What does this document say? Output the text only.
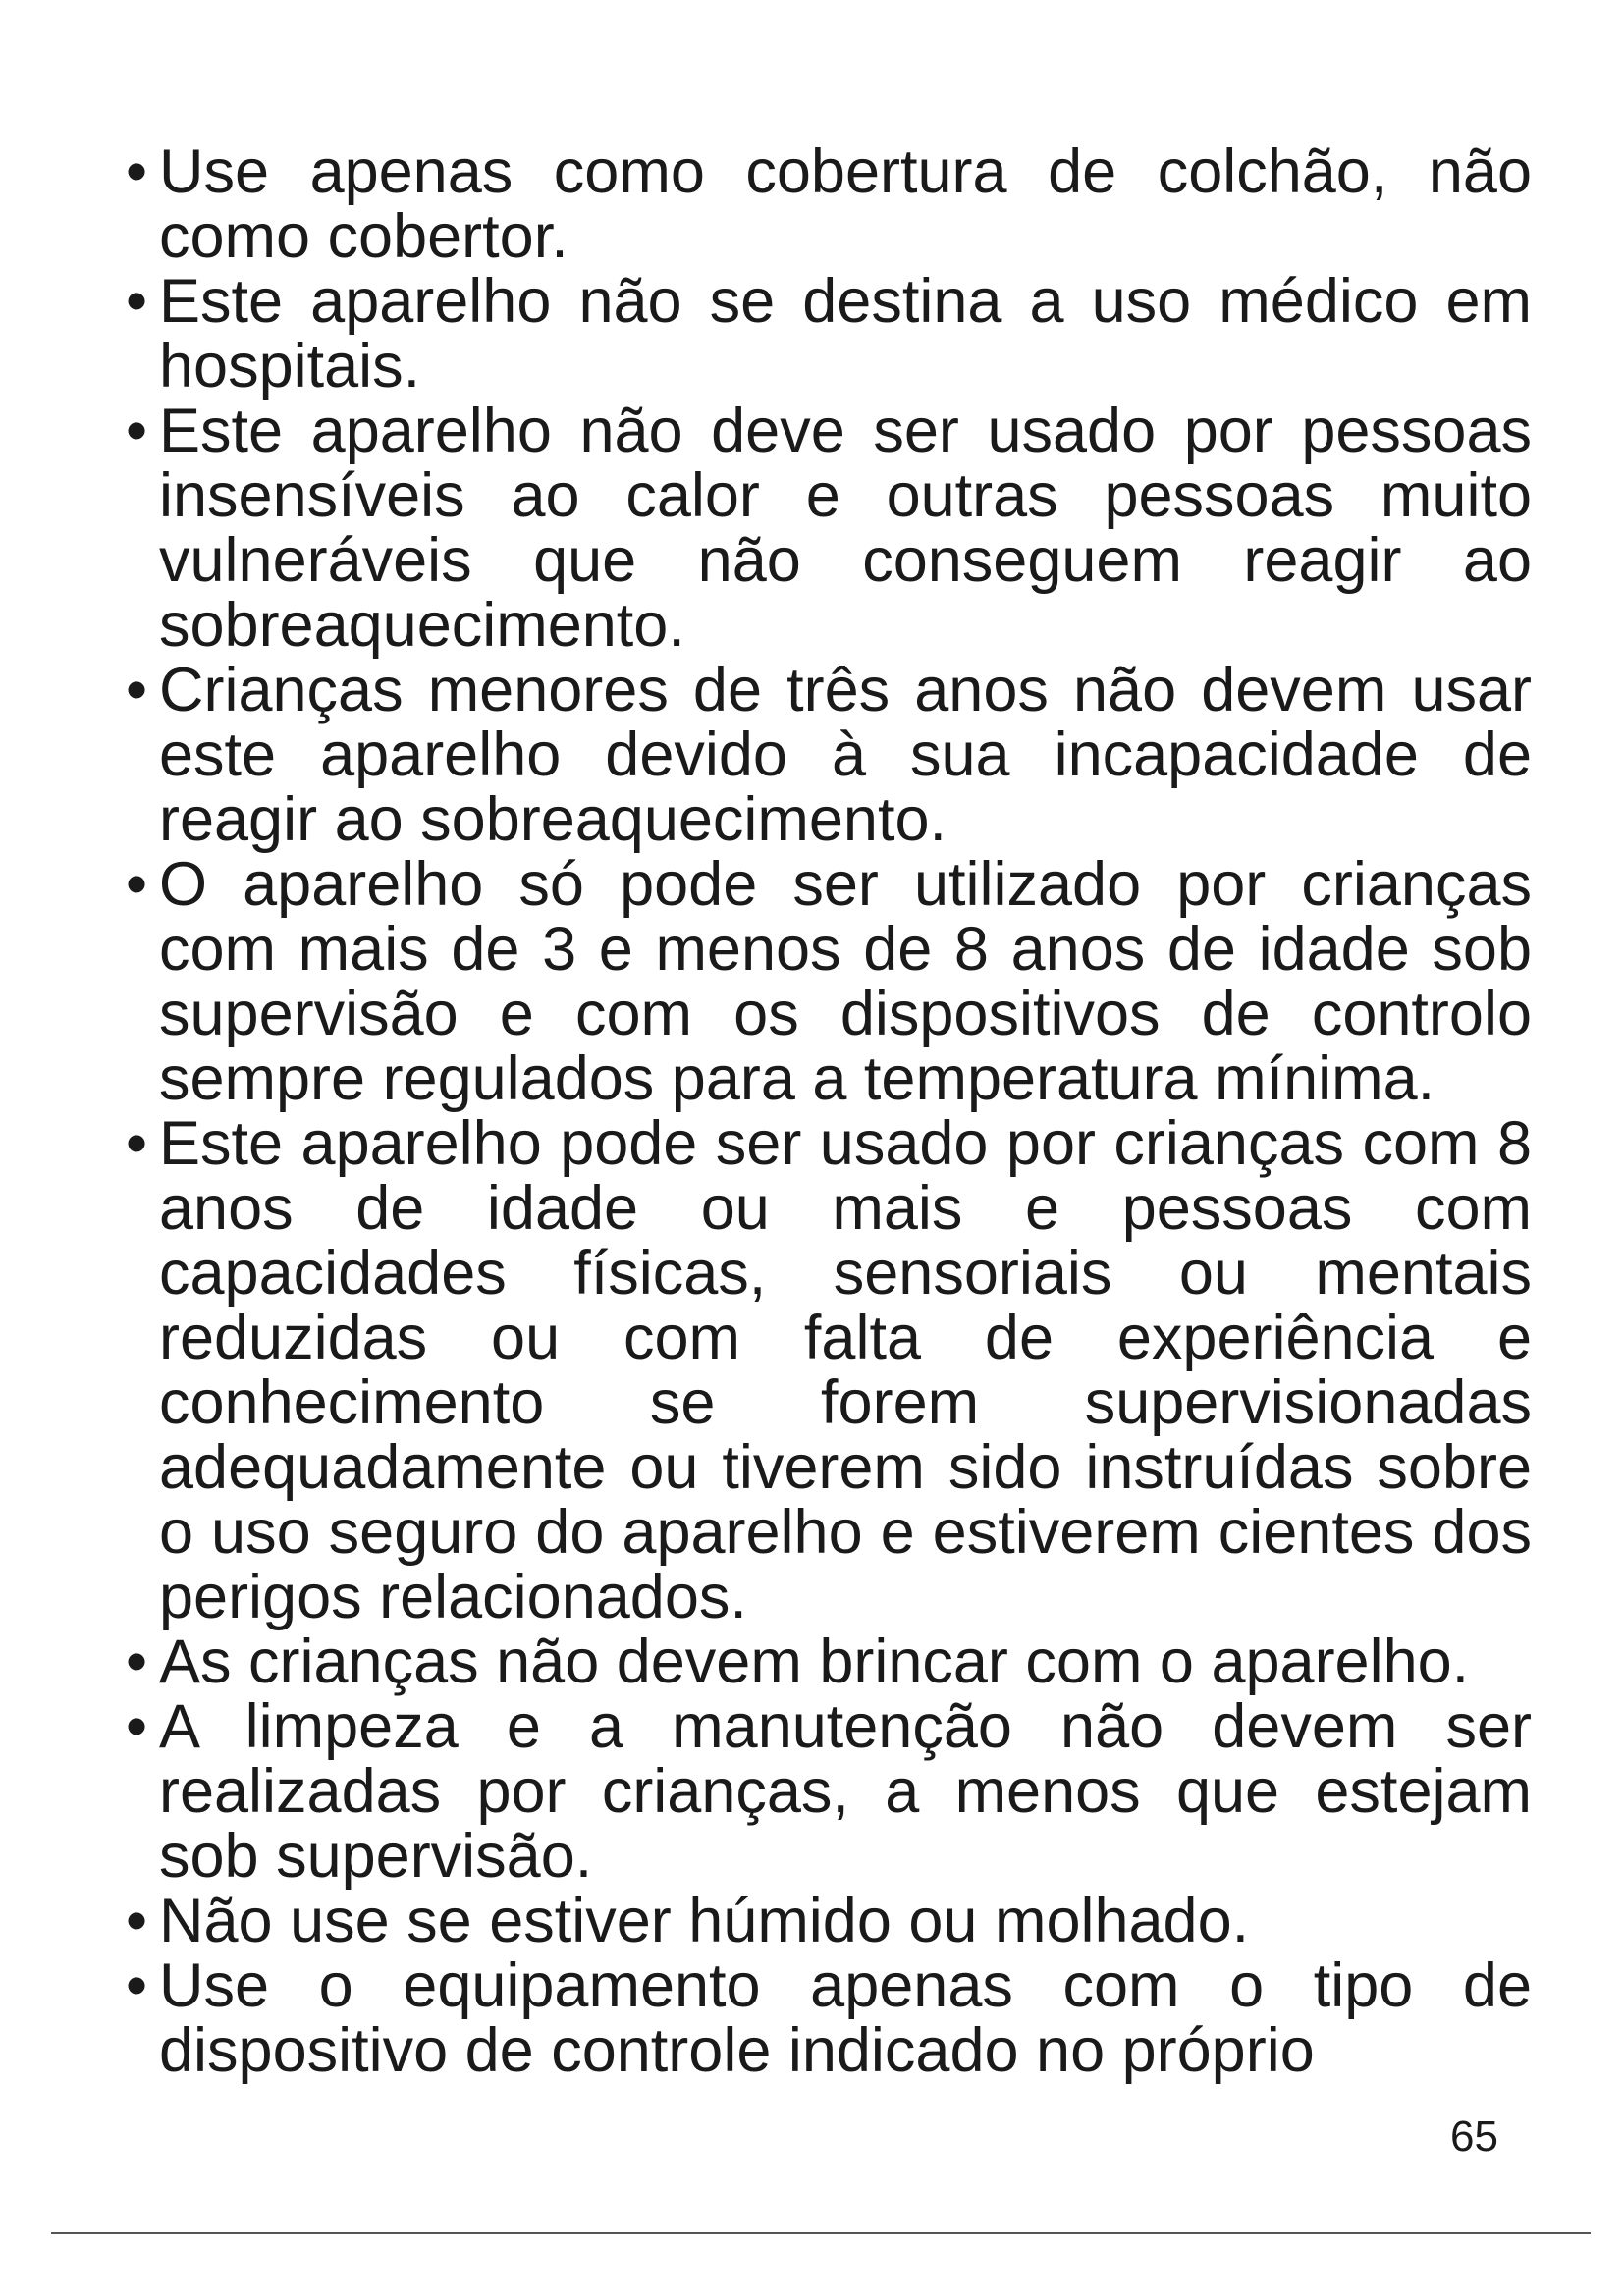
• Use apenas como cobertura de colchão, não como cobertor.
• Este aparelho não se destina a uso médico em hospitais.
• Este aparelho não deve ser usado por pessoas insensíveis ao calor e outras pessoas muito vulneráveis que não conseguem reagir ao sobreaquecimento.
• Crianças menores de três anos não devem usar este aparelho devido à sua incapacidade de reagir ao sobreaquecimento.
• O aparelho só pode ser utilizado por crianças com mais de 3 e menos de 8 anos de idade sob supervisão e com os dispositivos de controlo sempre regulados para a temperatura mínima.
• Este aparelho pode ser usado por crianças com 8 anos de idade ou mais e pessoas com capacidades físicas, sensoriais ou mentais reduzidas ou com falta de experiência e conhecimento se forem supervisionadas adequadamente ou tiverem sido instruídas sobre o uso seguro do aparelho e estiverem cientes dos perigos relacionados.
• As crianças não devem brincar com o aparelho.
• A limpeza e a manutenção não devem ser realizadas por crianças, a menos que estejam sob supervisão.
• Não use se estiver húmido ou molhado.
• Use o equipamento apenas com o tipo de dispositivo de controle indicado no próprio
65
